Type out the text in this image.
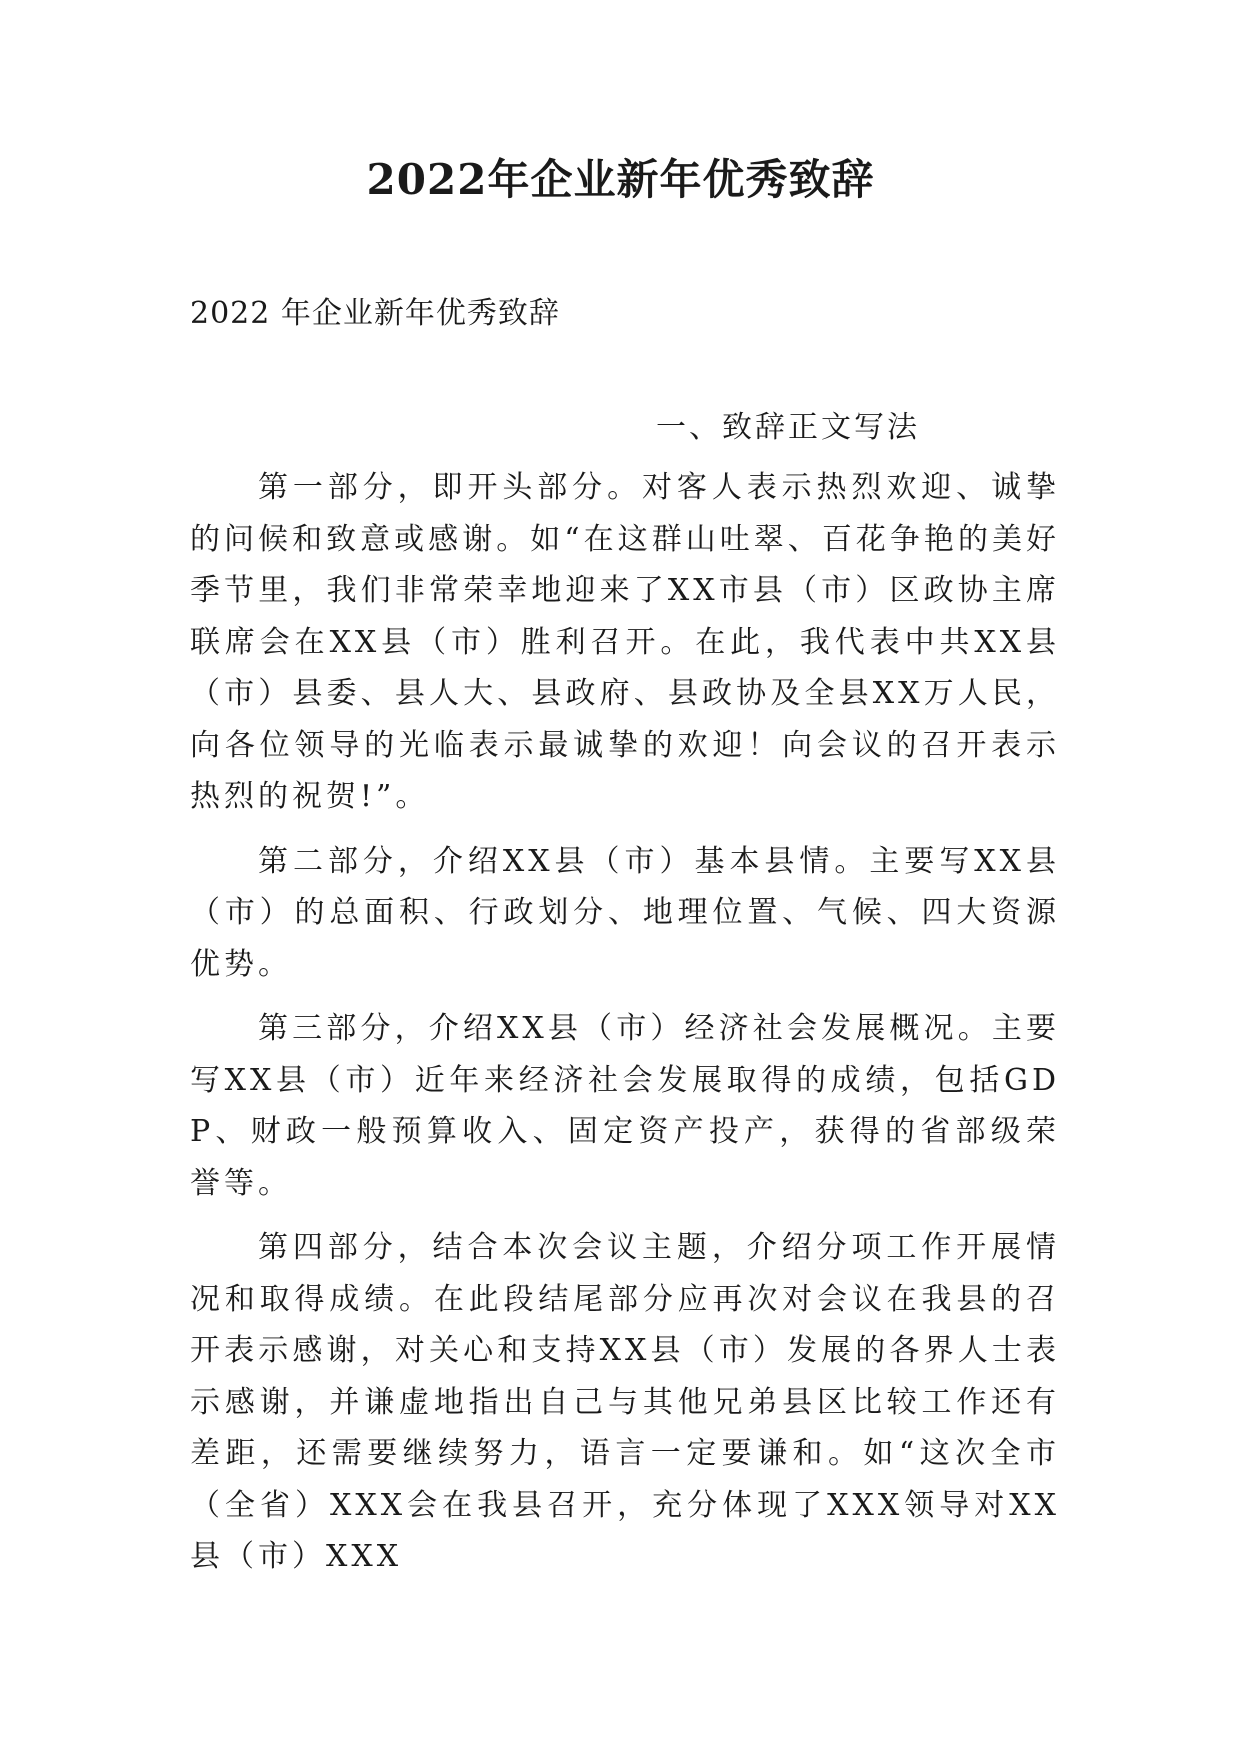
2022年企业新年优秀致辞

2022 年企业新年优秀致辞

一、致辞正文写法

第一部分，即开头部分。对客人表示热烈欢迎、诚挚的问候和致意或感谢。如“在这群山吐翠、百花争艳的美好季节里，我们非常荣幸地迎来了XX市县（市）区政协主席联席会在XX县（市）胜利召开。在此，我代表中共XX县（市）县委、县人大、县政府、县政协及全县XX万人民，向各位领导的光临表示最诚挚的欢迎！向会议的召开表示热烈的祝贺!”。

第二部分，介绍XX县（市）基本县情。主要写XX县（市）的总面积、行政划分、地理位置、气候、四大资源优势。

第三部分，介绍XX县（市）经济社会发展概况。主要写XX县（市）近年来经济社会发展取得的成绩，包括GDP、财政一般预算收入、固定资产投产，获得的省部级荣誉等。

第四部分，结合本次会议主题，介绍分项工作开展情况和取得成绩。在此段结尾部分应再次对会议在我县的召开表示感谢，对关心和支持XX县（市）发展的各界人士表示感谢，并谦虚地指出自己与其他兄弟县区比较工作还有差距，还需要继续努力，语言一定要谦和。如“这次全市（全省）XXX会在我县召开，充分体现了XXX领导对XX县（市）XXX
